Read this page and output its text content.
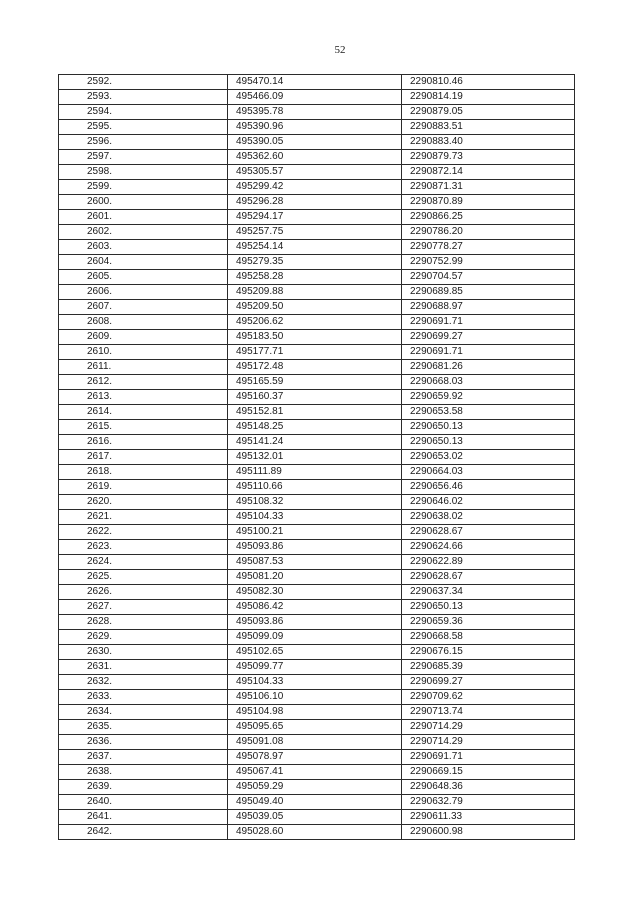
52
2592.	495470.14	2290810.46
2593.	495466.09	2290814.19
2594.	495395.78	2290879.05
2595.	495390.96	2290883.51
2596.	495390.05	2290883.40
2597.	495362.60	2290879.73
2598.	495305.57	2290872.14
2599.	495299.42	2290871.31
2600.	495296.28	2290870.89
2601.	495294.17	2290866.25
2602.	495257.75	2290786.20
2603.	495254.14	2290778.27
2604.	495279.35	2290752.99
2605.	495258.28	2290704.57
2606.	495209.88	2290689.85
2607.	495209.50	2290688.97
2608.	495206.62	2290691.71
2609.	495183.50	2290699.27
2610.	495177.71	2290691.71
2611.	495172.48	2290681.26
2612.	495165.59	2290668.03
2613.	495160.37	2290659.92
2614.	495152.81	2290653.58
2615.	495148.25	2290650.13
2616.	495141.24	2290650.13
2617.	495132.01	2290653.02
2618.	495111.89	2290664.03
2619.	495110.66	2290656.46
2620.	495108.32	2290646.02
2621.	495104.33	2290638.02
2622.	495100.21	2290628.67
2623.	495093.86	2290624.66
2624.	495087.53	2290622.89
2625.	495081.20	2290628.67
2626.	495082.30	2290637.34
2627.	495086.42	2290650.13
2628.	495093.86	2290659.36
2629.	495099.09	2290668.58
2630.	495102.65	2290676.15
2631.	495099.77	2290685.39
2632.	495104.33	2290699.27
2633.	495106.10	2290709.62
2634.	495104.98	2290713.74
2635.	495095.65	2290714.29
2636.	495091.08	2290714.29
2637.	495078.97	2290691.71
2638.	495067.41	2290669.15
2639.	495059.29	2290648.36
2640.	495049.40	2290632.79
2641.	495039.05	2290611.33
2642.	495028.60	2290600.98
